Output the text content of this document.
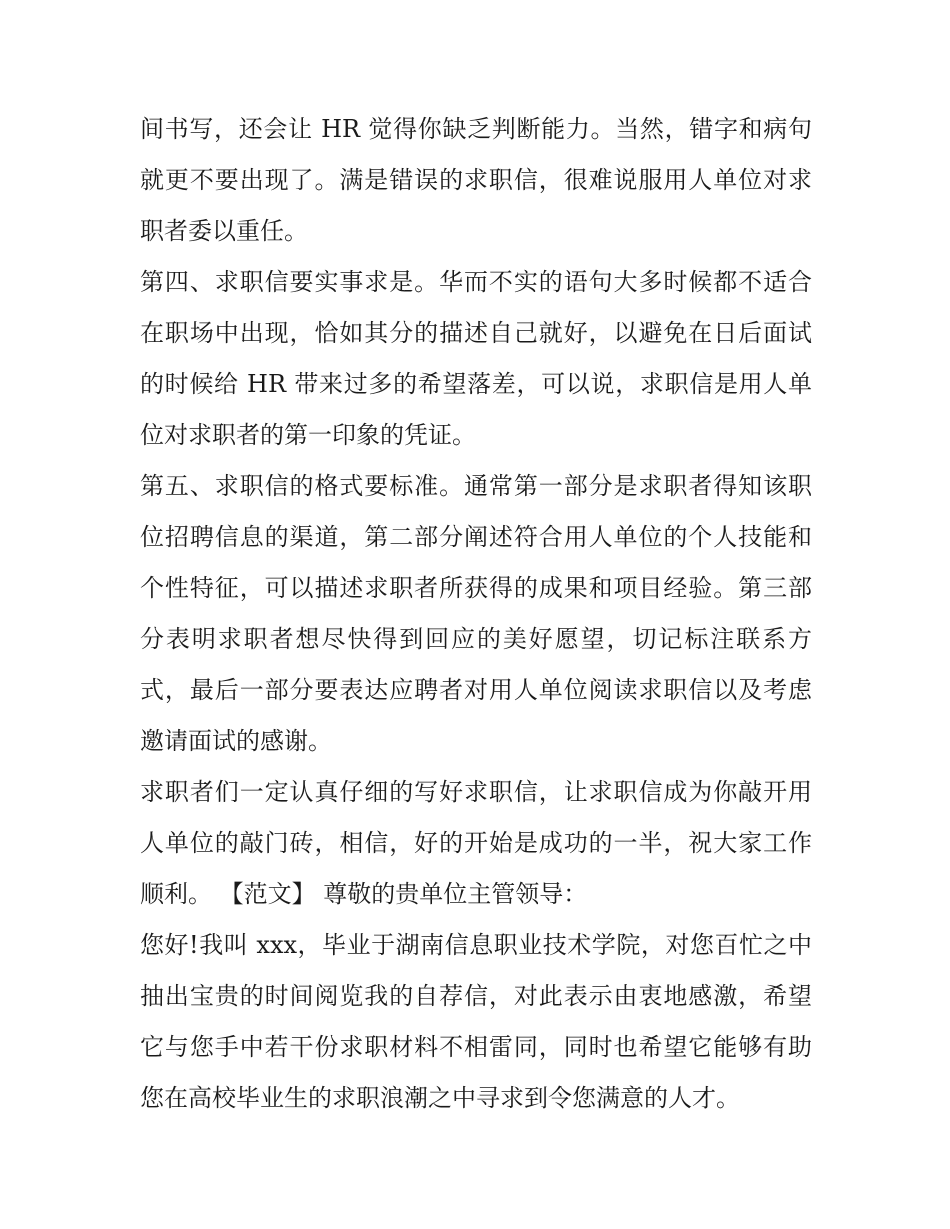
间书写，还会让 HR 觉得你缺乏判断能力。当然，错字和病句
就更不要出现了。满是错误的求职信，很难说服用人单位对求
职者委以重任。
第四、求职信要实事求是。华而不实的语句大多时候都不适合
在职场中出现，恰如其分的描述自己就好，以避免在日后面试
的时候给 HR 带来过多的希望落差，可以说，求职信是用人单
位对求职者的第一印象的凭证。
第五、求职信的格式要标准。通常第一部分是求职者得知该职
位招聘信息的渠道，第二部分阐述符合用人单位的个人技能和
个性特征，可以描述求职者所获得的成果和项目经验。第三部
分表明求职者想尽快得到回应的美好愿望，切记标注联系方
式，最后一部分要表达应聘者对用人单位阅读求职信以及考虑
邀请面试的感谢。
求职者们一定认真仔细的写好求职信，让求职信成为你敲开用
人单位的敲门砖，相信，好的开始是成功的一半，祝大家工作
顺利。 【范文】 尊敬的贵单位主管领导：
您好!我叫 xxx，毕业于湖南信息职业技术学院，对您百忙之中
抽出宝贵的时间阅览我的自荐信，对此表示由衷地感激，希望
它与您手中若干份求职材料不相雷同，同时也希望它能够有助
您在高校毕业生的求职浪潮之中寻求到令您满意的人才。
